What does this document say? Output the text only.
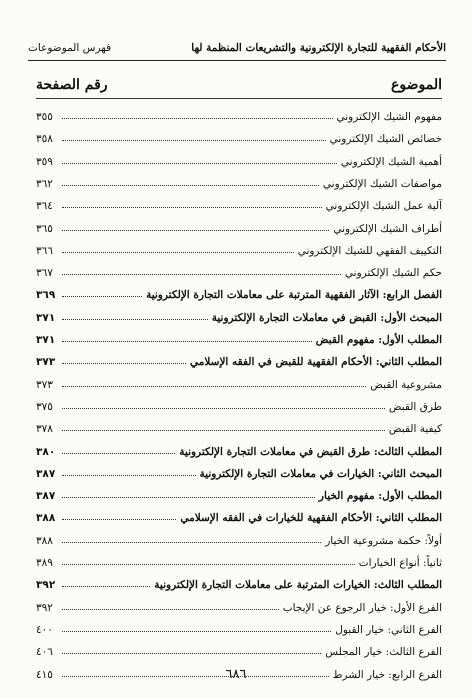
فهرس الموضوعات	الأحكام الفقهية للتجارة الإلكترونية والتشريعات المنظمة لها
رقم الصفحة	الموضوع
٣٥٥	مفهوم الشيك الإلكتروني
٣٥٨	خصائص الشيك الإلكتروني
٣٥٩	أهمية الشيك الإلكتروني
٣٦٢	مواصفات الشيك الإلكتروني
٣٦٤	آلية عمل الشيك الإلكتروني
٣٦٥	أطراف الشيك الإلكتروني
٣٦٦	التكييف الفقهي للشيك الإلكتروني
٣٦٧	حكم الشيك الإلكتروني
٣٦٩	الفصل الرابع: الآثار الفقهية المترتبة على معاملات التجارة الإلكترونية
٣٧١	المبحث الأول: القبض في معاملات التجارة الإلكترونية
٣٧١	المطلب الأول: مفهوم القبض
٣٧٣	المطلب الثاني: الأحكام الفقهية للقبض في الفقه الإسلامي
٣٧٣	مشروعية القبض
٣٧٥	طرق القبض
٣٧٨	كيفية القبض
٣٨٠	المطلب الثالث: طرق القبض في معاملات التجارة الإلكترونية
٣٨٧	المبحث الثاني: الخيارات في معاملات التجارة الإلكترونية
٣٨٧	المطلب الأول: مفهوم الخيار
٣٨٨	المطلب الثاني: الأحكام الفقهية للخيارات في الفقه الإسلامي
٣٨٨	أولاً: حكمة مشروعية الخيار
٣٨٩	ثانياً: أنواع الخيارات
٣٩٢	المطلب الثالث: الخيارات المترتبة على معاملات التجارة الإلكترونية
٣٩٢	الفرع الأول: خيار الرجوع عن الإيجاب
٤٠٠	الفرع الثاني: خيار القبول
٤٠٦	الفرع الثالث: خيار المجلس
٤١٥	الفرع الرابع: خيار الشرط
٦٨٦
